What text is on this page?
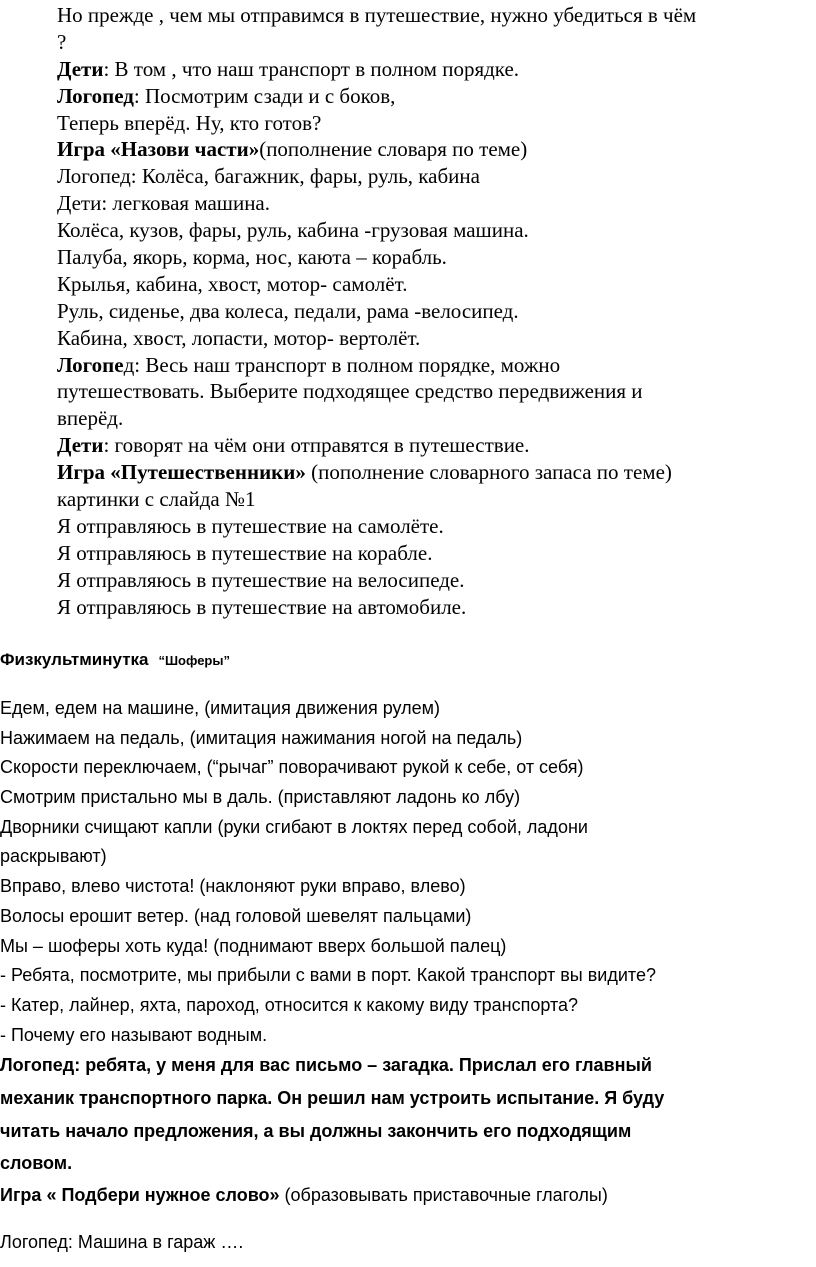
Но прежде , чем мы отправимся в путешествие, нужно убедиться в чём
?
Дети: В том , что наш транспорт в полном порядке.
Логопед: Посмотрим сзади и с боков,
Теперь вперёд. Ну, кто готов?
Игра «Назови части»(пополнение словаря по теме)
Логопед: Колёса, багажник, фары, руль, кабина
Дети: легковая машина.
Колёса, кузов, фары, руль, кабина -грузовая машина.
Палуба, якорь, корма, нос, каюта – корабль.
Крылья, кабина, хвост, мотор- самолёт.
Руль, сиденье, два колеса, педали, рама -велосипед.
Кабина, хвост, лопасти, мотор- вертолёт.
Логопед: Весь наш транспорт в полном порядке, можно
путешествовать. Выберите подходящее средство передвижения и
вперёд.
Дети: говорят на чём они отправятся в путешествие.
Игра «Путешественники» (пополнение словарного запаса по теме)
картинки с слайда №1
Я отправляюсь в путешествие на самолёте.
Я отправляюсь в путешествие на корабле.
Я отправляюсь в путешествие на велосипеде.
Я отправляюсь в путешествие на автомобиле.
Физкультминутка “Шоферы”
Едем, едем на машине, (имитация движения рулем)
Нажимаем на педаль, (имитация нажимания ногой на педаль)
Скорости переключаем, (“рычаг” поворачивают рукой к себе, от себя)
Смотрим пристально мы в даль. (приставляют ладонь ко лбу)
Дворники счищают капли (руки сгибают в локтях перед собой, ладони
раскрывают)
Вправо, влево чистота! (наклоняют руки вправо, влево)
Волосы ерошит ветер. (над головой шевелят пальцами)
Мы – шоферы хоть куда! (поднимают вверх большой палец)
- Ребята, посмотрите, мы прибыли с вами в порт. Какой транспорт вы видите?
- Катер, лайнер, яхта, пароход, относится к какому виду транспорта?
- Почему его называют водным.
Логопед: ребята, у меня для вас письмо – загадка. Прислал его главный
механик транспортного парка. Он решил нам устроить испытание. Я буду
читать начало предложения, а вы должны закончить его подходящим
словом.
Игра « Подбери нужное слово» (образовывать приставочные глаголы)
Логопед: Машина в гараж ….
